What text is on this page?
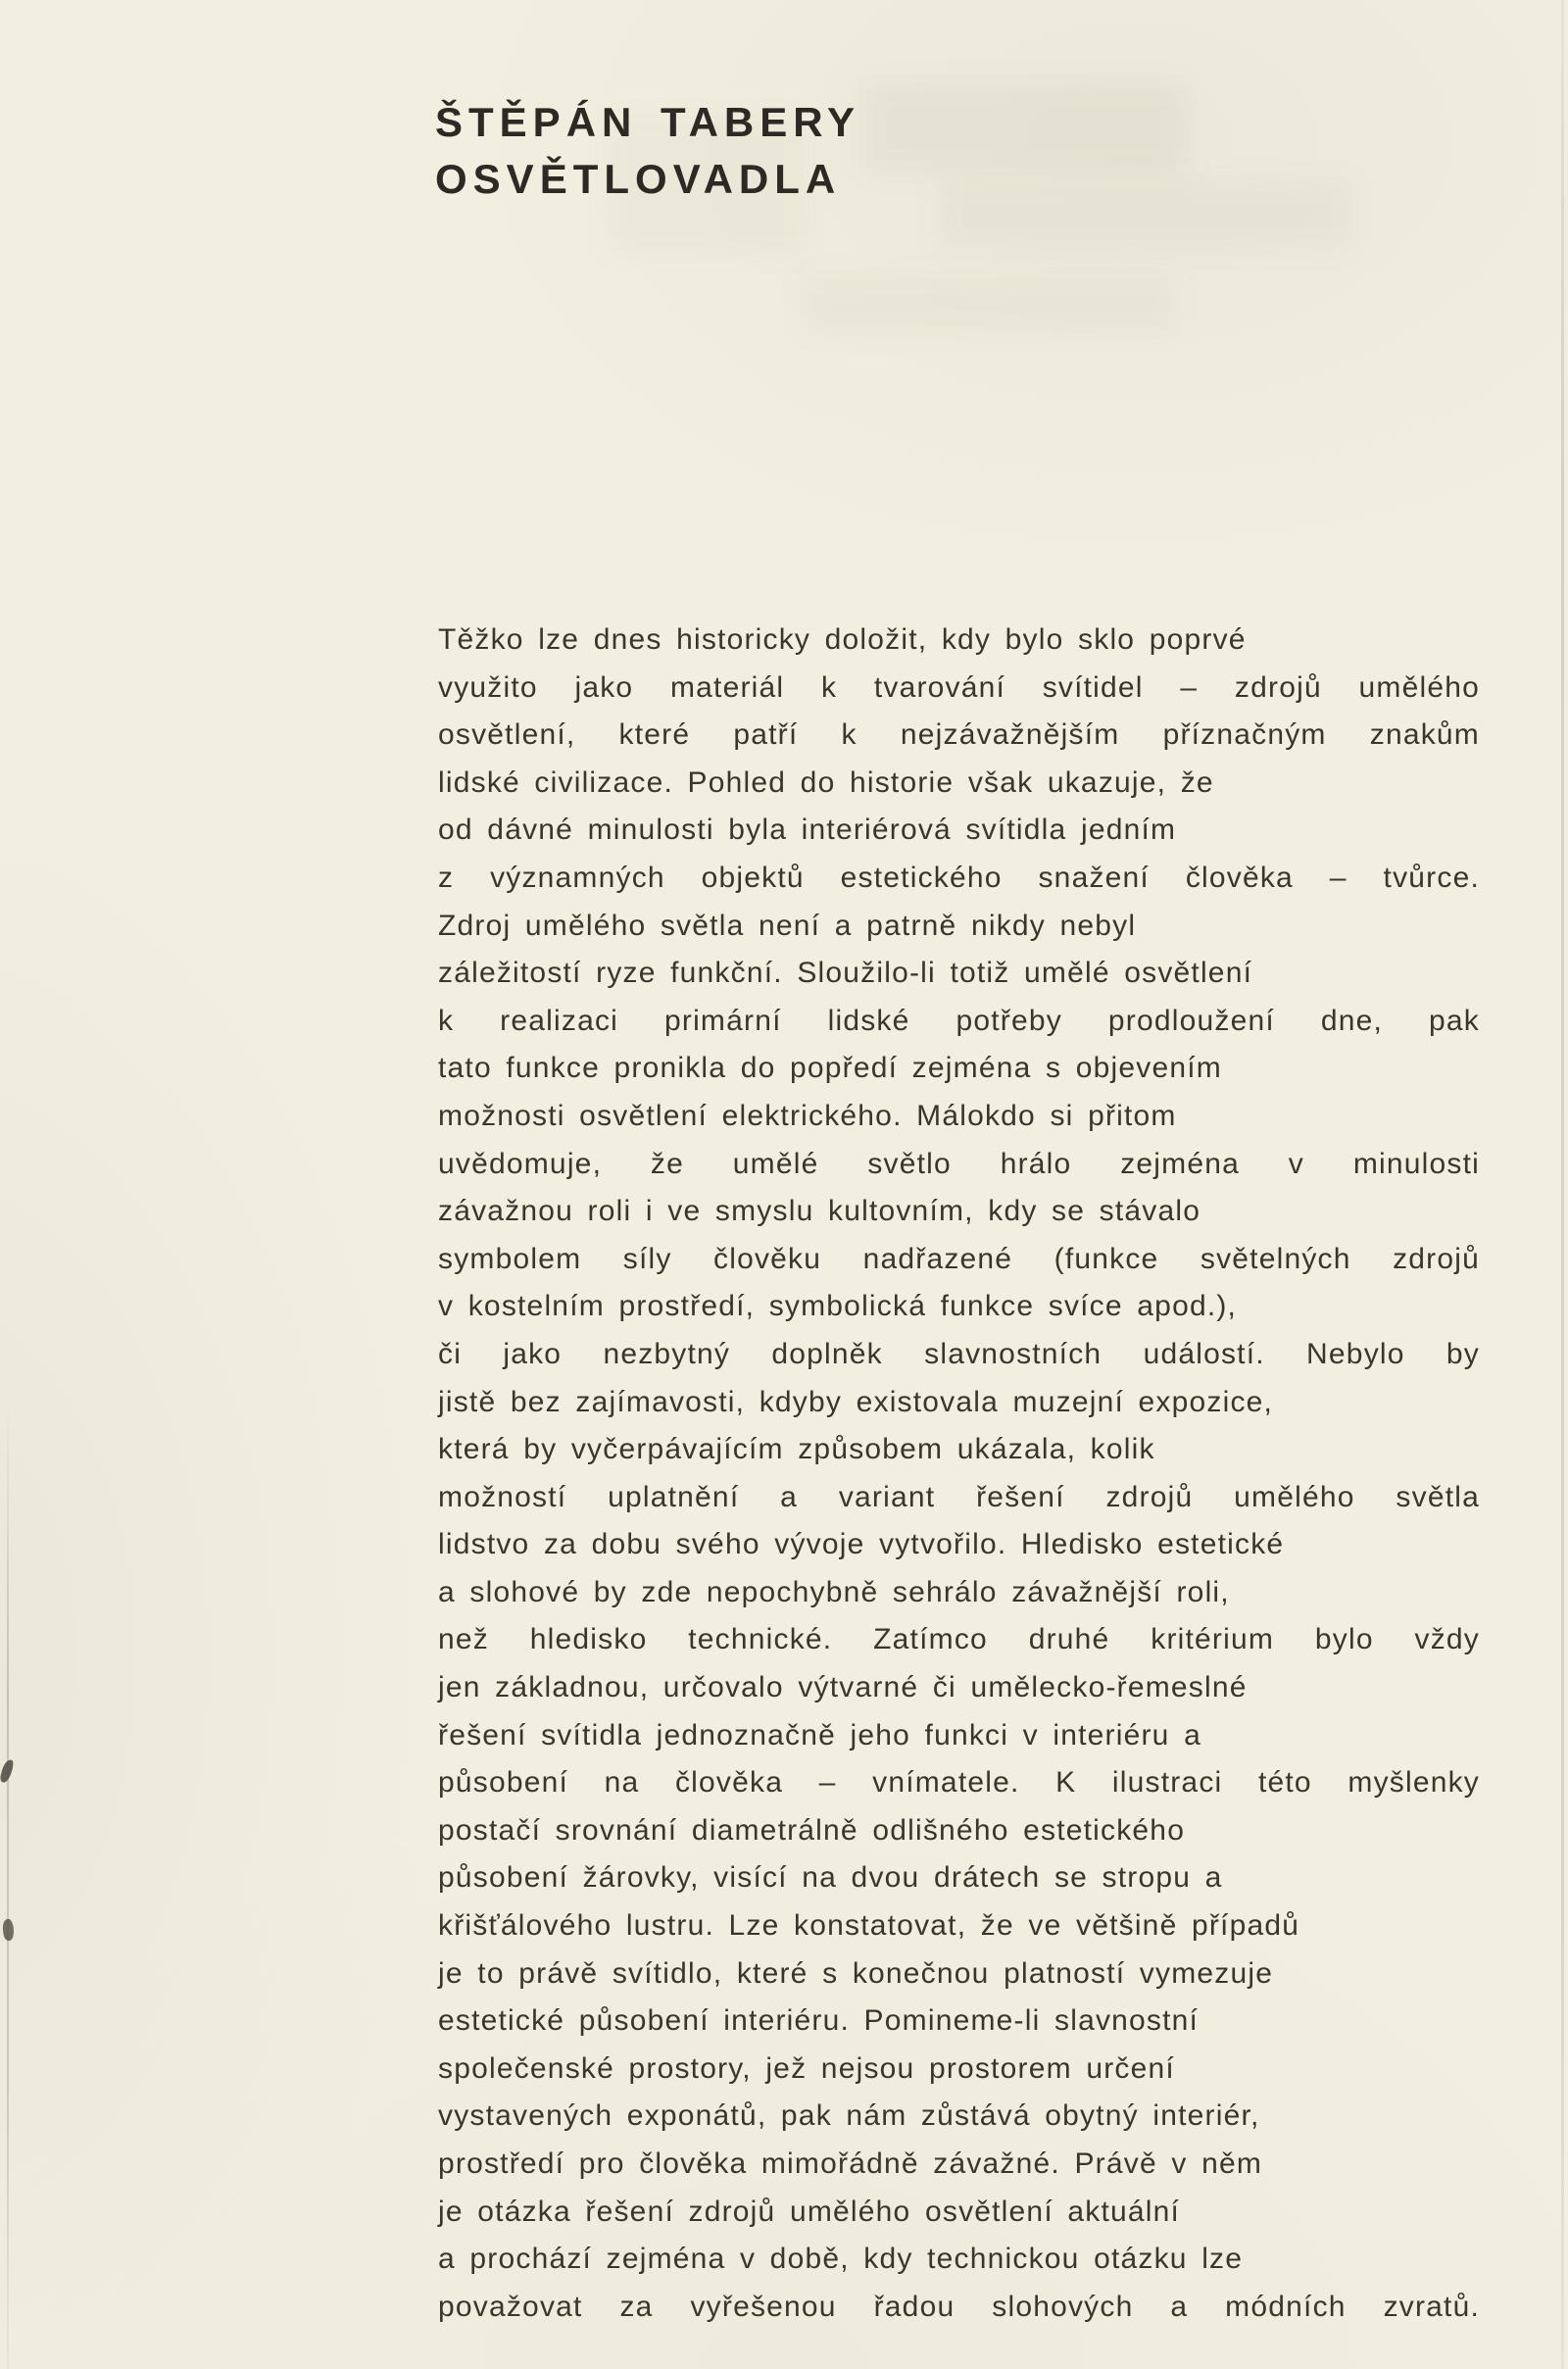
ŠTĚPÁN TABERY
OSVĚTLOVADLA
Těžko lze dnes historicky doložit, kdy bylo sklo poprvé
využito jako materiál k tvarování svítidel – zdrojů umělého
osvětlení, které patří k nejzávažnějším příznačným znakům
lidské civilizace. Pohled do historie však ukazuje, že
od dávné minulosti byla interiérová svítidla jedním
z významných objektů estetického snažení člověka – tvůrce.
Zdroj umělého světla není a patrně nikdy nebyl
záležitostí ryze funkční. Sloužilo-li totiž umělé osvětlení
k realizaci primární lidské potřeby prodloužení dne, pak
tato funkce pronikla do popředí zejména s objevením
možnosti osvětlení elektrického. Málokdo si přitom
uvědomuje, že umělé světlo hrálo zejména v minulosti
závažnou roli i ve smyslu kultovním, kdy se stávalo
symbolem síly člověku nadřazené (funkce světelných zdrojů
v kostelním prostředí, symbolická funkce svíce apod.),
či jako nezbytný doplněk slavnostních událostí. Nebylo by
jistě bez zajímavosti, kdyby existovala muzejní expozice,
která by vyčerpávajícím způsobem ukázala, kolik
možností uplatnění a variant řešení zdrojů umělého světla
lidstvo za dobu svého vývoje vytvořilo. Hledisko estetické
a slohové by zde nepochybně sehrálo závažnější roli,
než hledisko technické. Zatímco druhé kritérium bylo vždy
jen základnou, určovalo výtvarné či umělecko-řemeslné
řešení svítidla jednoznačně jeho funkci v interiéru a
působení na člověka – vnímatele. K ilustraci této myšlenky
postačí srovnání diametrálně odlišného estetického
působení žárovky, visící na dvou drátech se stropu a
křišťálového lustru. Lze konstatovat, že ve většině případů
je to právě svítidlo, které s konečnou platností vymezuje
estetické působení interiéru. Pomineme-li slavnostní
společenské prostory, jež nejsou prostorem určení
vystavených exponátů, pak nám zůstává obytný interiér,
prostředí pro člověka mimořádně závažné. Právě v něm
je otázka řešení zdrojů umělého osvětlení aktuální
a prochází zejména v době, kdy technickou otázku lze
považovat za vyřešenou řadou slohových a módních zvratů.
